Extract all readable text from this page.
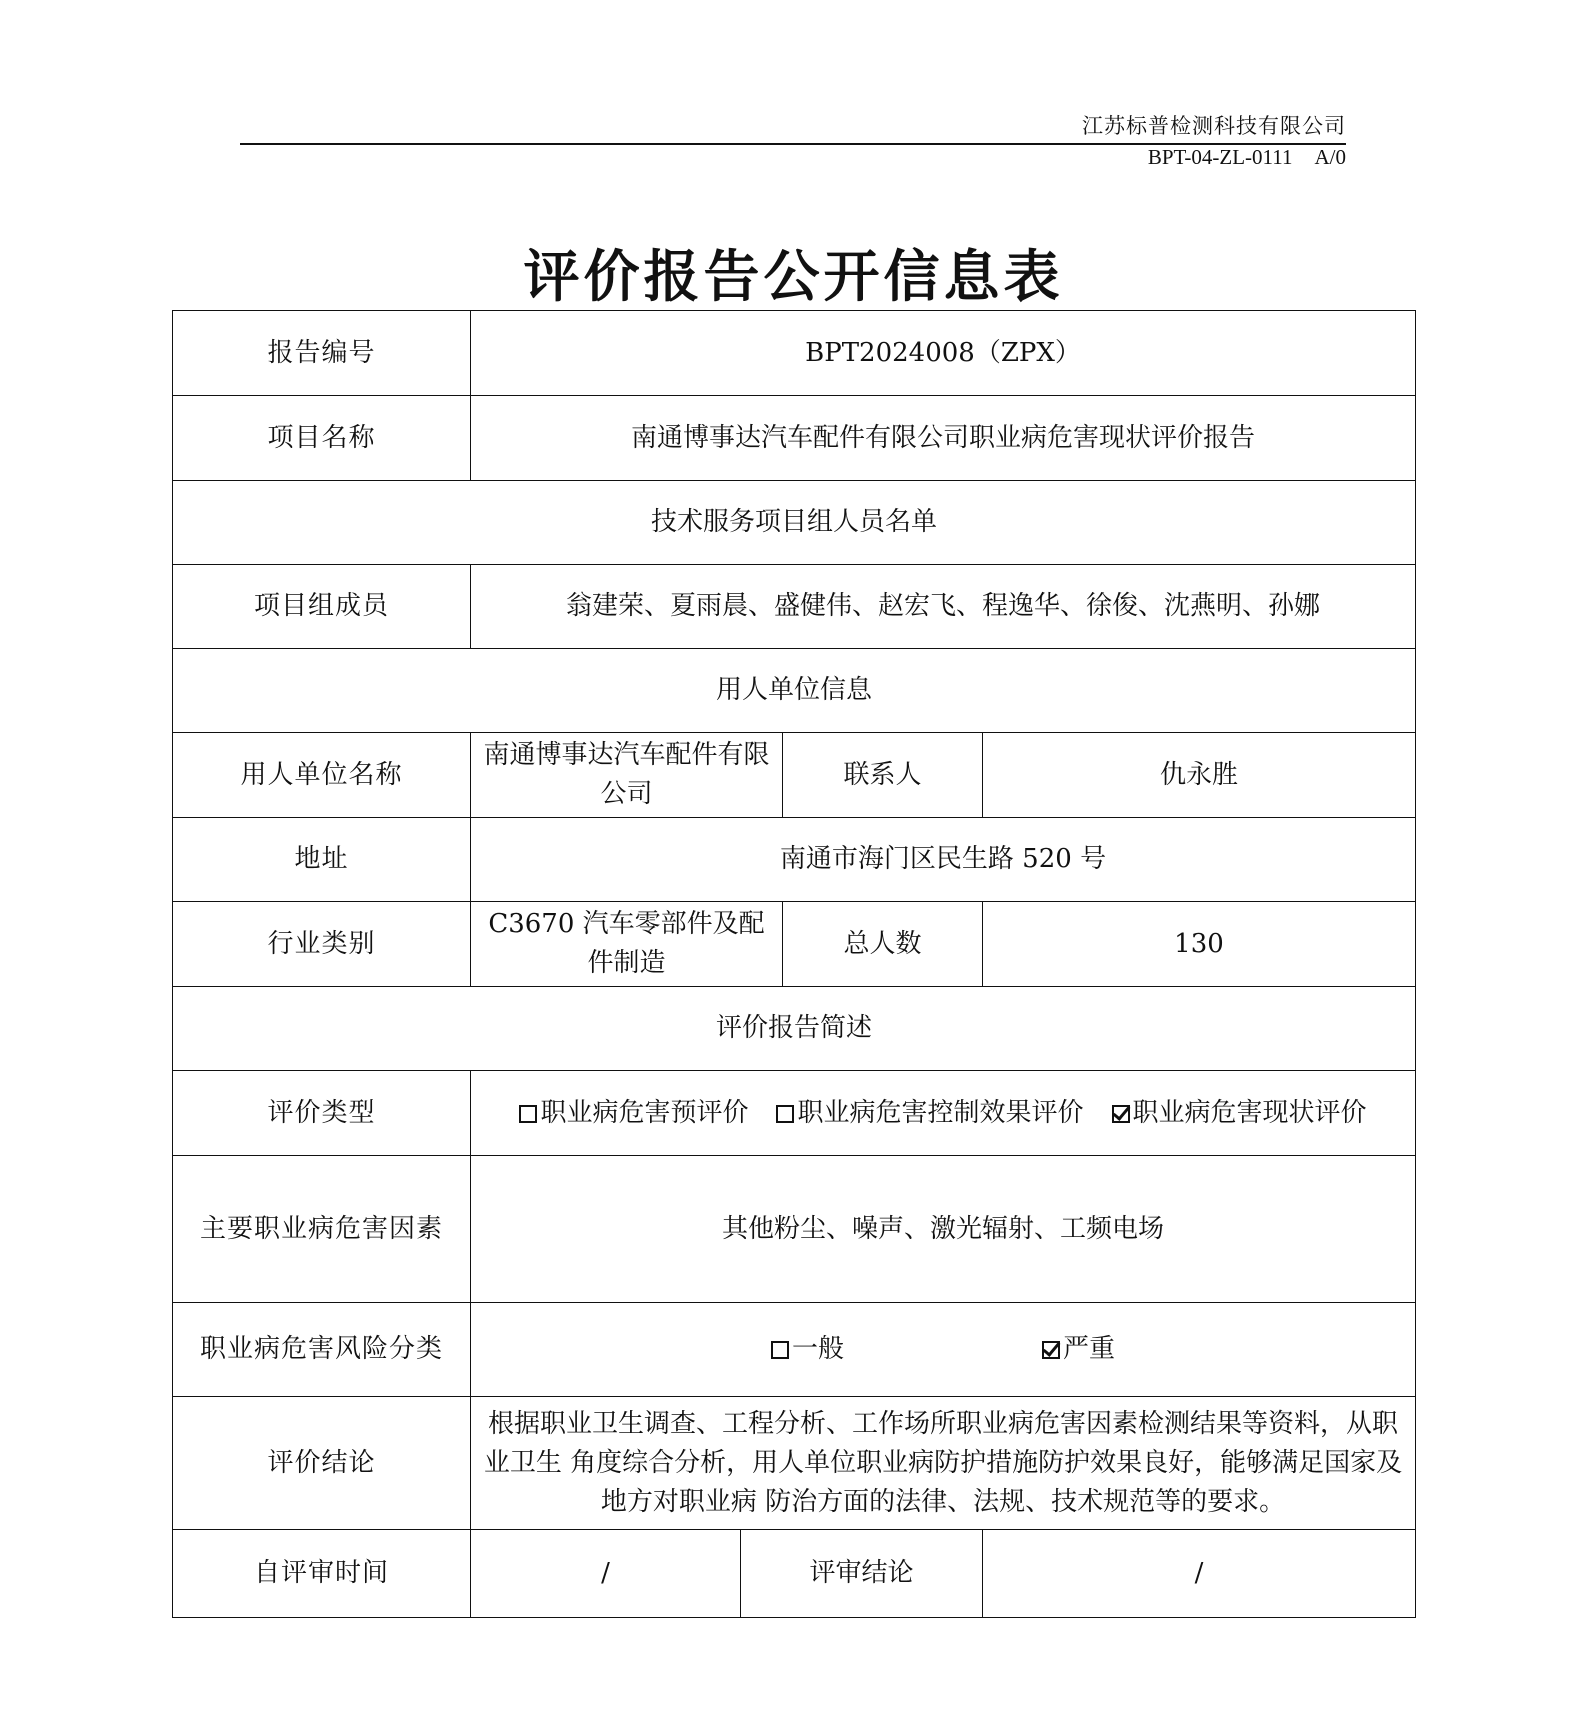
江苏标普检测科技有限公司
BPT-04-ZL-0111 A/0
评价报告公开信息表
报告编号	BPT2024008（ZPX）			
项目名称	南通博事达汽车配件有限公司职业病危害现状评价报告			
技术服务项目组人员名单				
项目组成员	翁建荣、夏雨晨、盛健伟、赵宏飞、程逸华、徐俊、沈燕明、孙娜			
用人单位信息				
用人单位名称	南通博事达汽车配件有限公司		联系人	仇永胜
地址	南通市海门区民生路 520 号			
行业类别	C3670 汽车零部件及配件制造		总人数	130
评价报告简述				
评价类型	职业病危害预评价 职业病危害控制效果评价 职业病危害现状评价			
主要职业病危害因素	其他粉尘、噪声、激光辐射、工频电场			
职业病危害风险分类	一般 严重			

评价结论	根据职业卫生调查、工程分析、工作场所职业病危害因素检测结果等资料，从职业卫生 角度综合分析，用人单位职业病防护措施防护效果良好，能够满足国家及地方对职业病 防治方面的法律、法规、技术规范等的要求。			
自评审时间	/	评审结论		/
